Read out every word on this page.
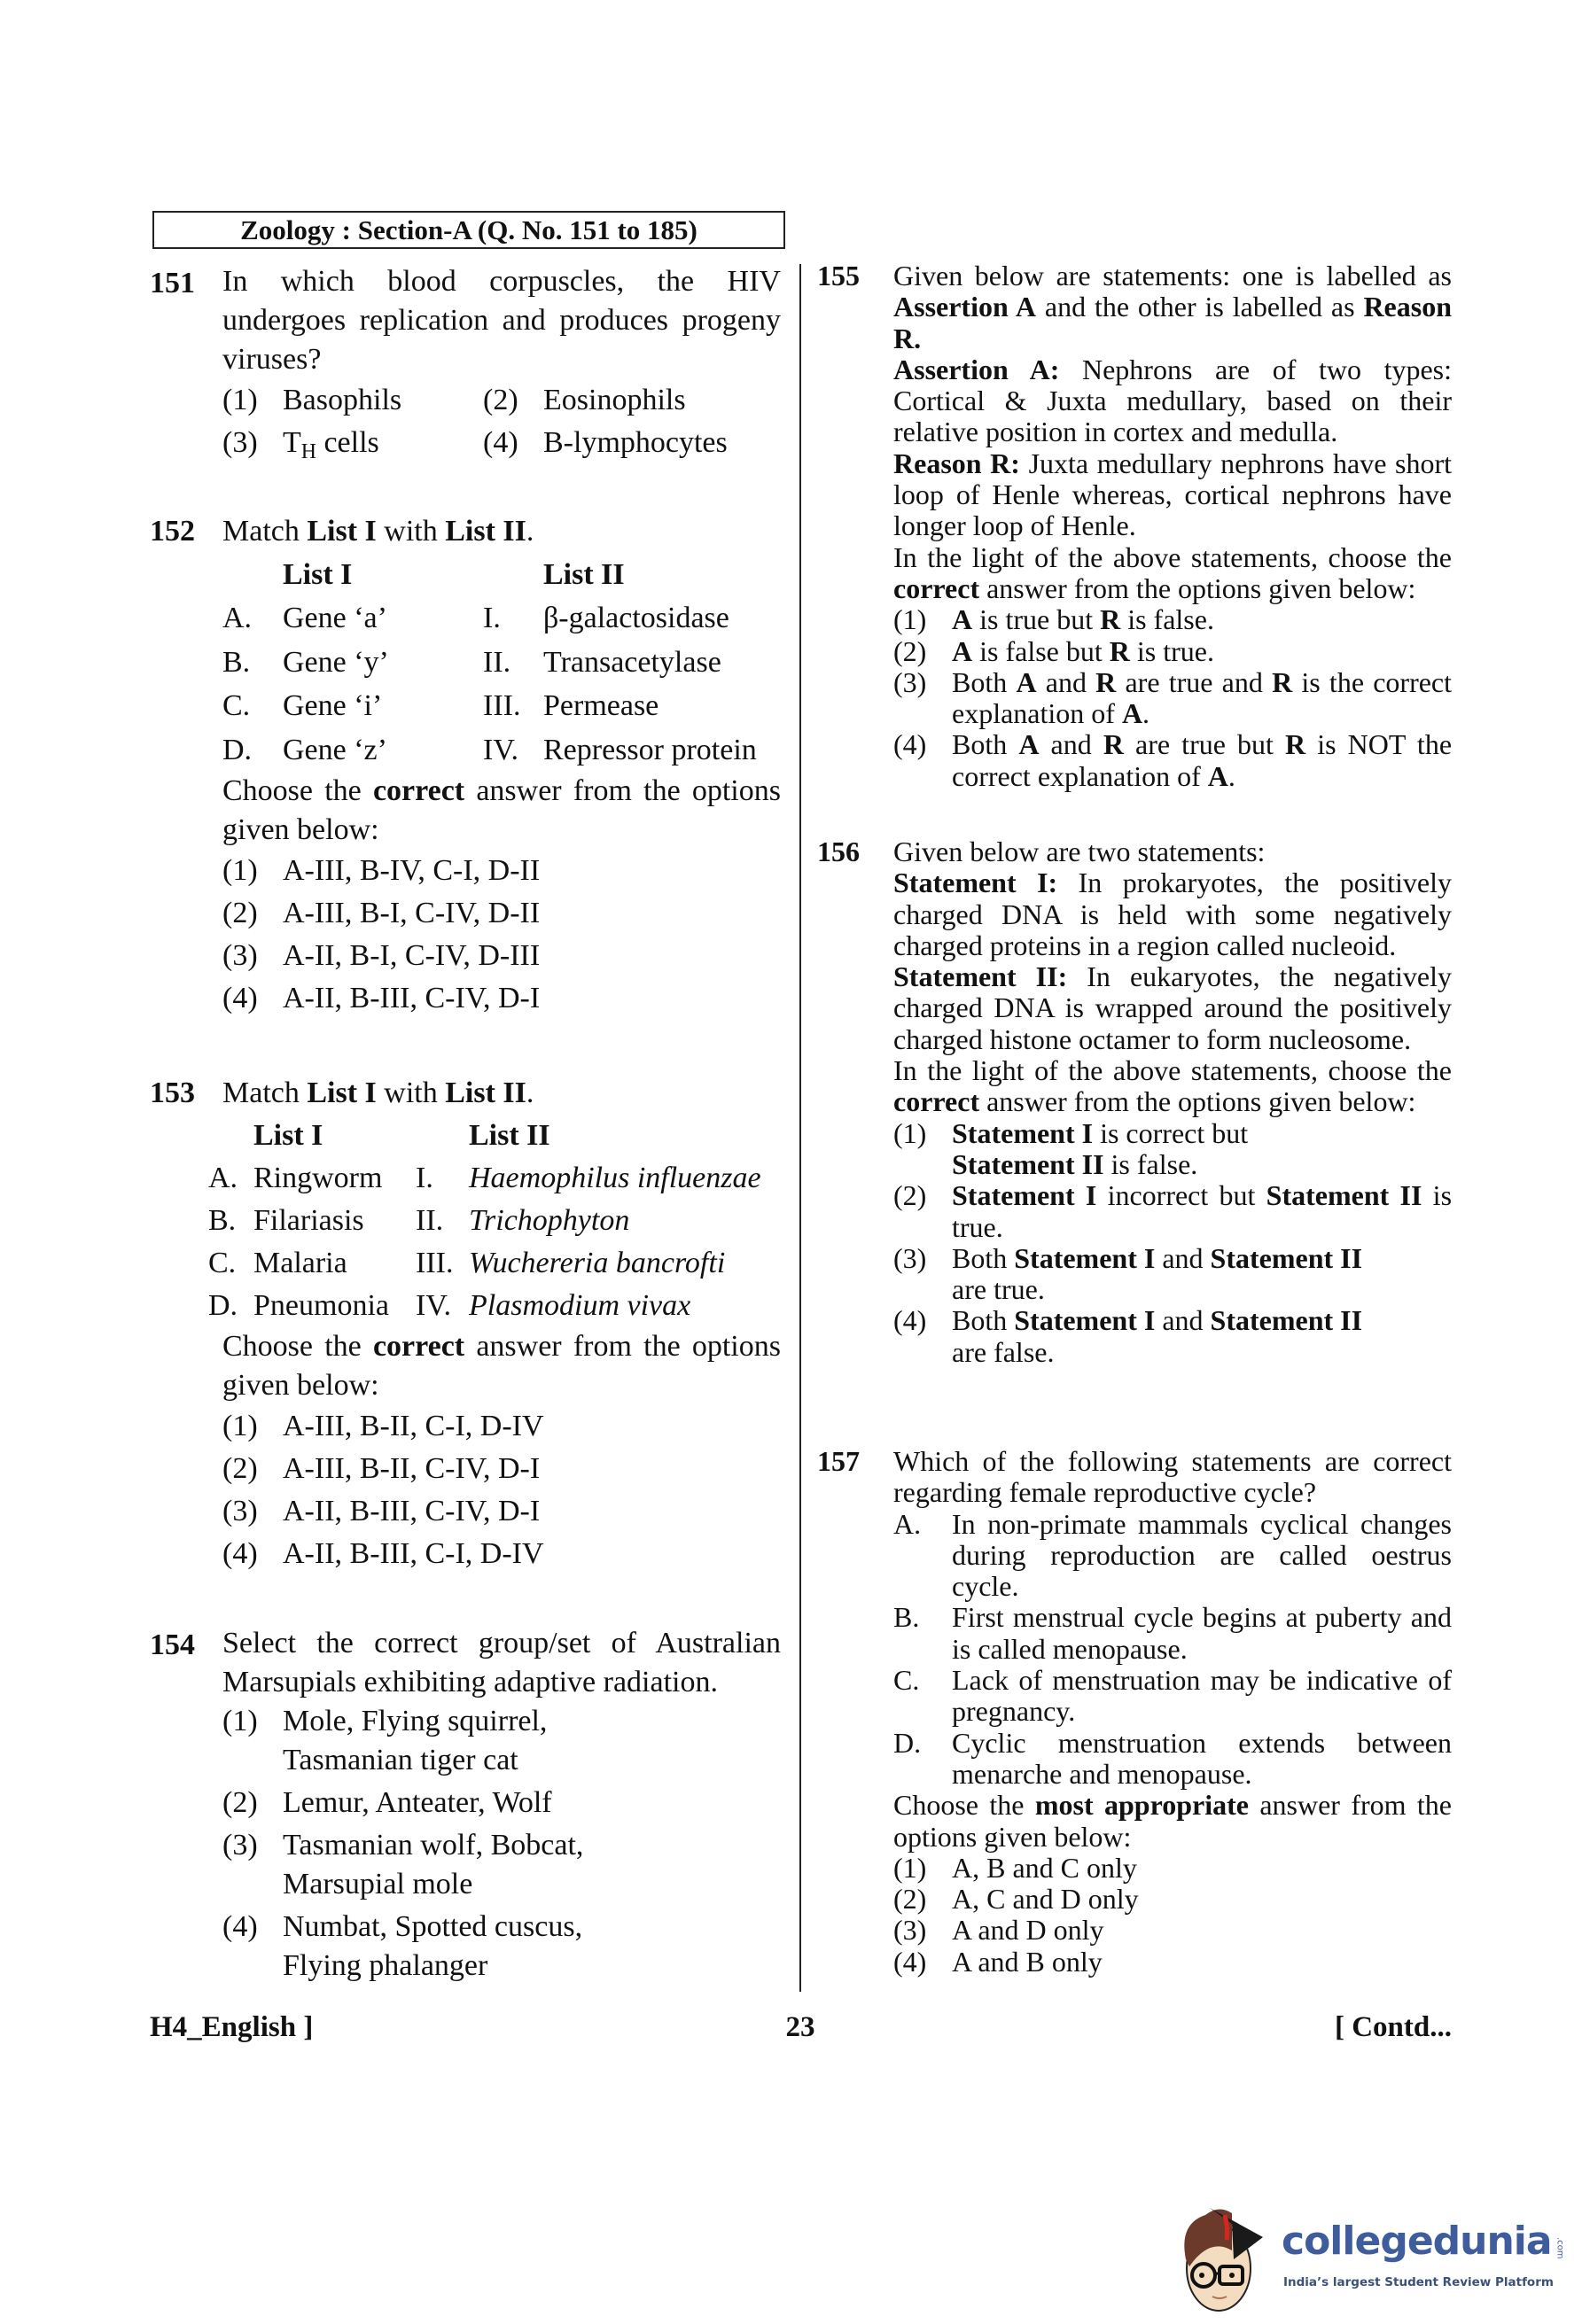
Zoology : Section-A (Q. No. 151 to 185)
151 In which blood corpuscles, the HIV undergoes replication and produces progeny viruses?
(1) Basophils	(2) Eosinophils
(3) $T_H$ cells	(4) B-lymphocytes
152 Match List I with List II.
List I	List II
A. Gene ‘a’	I. β-galactosidase
B. Gene ‘y’	II. Transacetylase
C. Gene ‘i’	III. Permease
D. Gene ‘z’	IV. Repressor protein
Choose the correct answer from the options given below:
(1) A-III, B-IV, C-I, D-II
(2) A-III, B-I, C-IV, D-II
(3) A-II, B-I, C-IV, D-III
(4) A-II, B-III, C-IV, D-I
153 Match List I with List II.
List I	List II
A. Ringworm I. Haemophilus influenzae
B. Filariasis II. Trichophyton
C. Malaria III. Wuchereria bancrofti
D. Pneumonia IV. Plasmodium vivax
Choose the correct answer from the options given below:
(1) A-III, B-II, C-I, D-IV
(2) A-III, B-II, C-IV, D-I
(3) A-II, B-III, C-IV, D-I
(4) A-II, B-III, C-I, D-IV
154 Select the correct group/set of Australian Marsupials exhibiting adaptive radiation.
(1) Mole, Flying squirrel,
Tasmanian tiger cat
(2) Lemur, Anteater, Wolf
(3) Tasmanian wolf, Bobcat,
Marsupial mole
(4) Numbat, Spotted cuscus,
Flying phalanger
155 Given below are statements: one is labelled as Assertion A and the other is labelled as Reason R.

Assertion A: Nephrons are of two types: Cortical & Juxta medullary, based on their relative position in cortex and medulla.

Reason R: Juxta medullary nephrons have short loop of Henle whereas, cortical nephrons have longer loop of Henle.

In the light of the above statements, choose the correct answer from the options given below:

(1) A is true but R is false.
(2) A is false but R is true.
(3) Both A and R are true and R is the correct explanation of A.
(4) Both A and R are true but R is NOT the correct explanation of A.
156 Given below are two statements:

Statement I: In prokaryotes, the positively charged DNA is held with some negatively charged proteins in a region called nucleoid.

Statement II: In eukaryotes, the negatively charged DNA is wrapped around the positively charged histone octamer to form nucleosome.

In the light of the above statements, choose the correct answer from the options given below:

(1) Statement I is correct but
Statement II is false.
(2) Statement I incorrect but Statement II is true.
(3) Both Statement I and Statement II
are true.
(4) Both Statement I and Statement II
are false.
157 Which of the following statements are correct regarding female reproductive cycle?

A. In non-primate mammals cyclical changes during reproduction are called oestrus cycle.
B. First menstrual cycle begins at puberty and is called menopause.
C. Lack of menstruation may be indicative of pregnancy.
D. Cyclic menstruation extends between menarche and menopause.

Choose the most appropriate answer from the options given below:

(1) A, B and C only
(2) A, C and D only
(3) A and D only
(4) A and B only
H4_English ]	23	[ Contd...
collegedunia .com
India’s largest Student Review Platform
